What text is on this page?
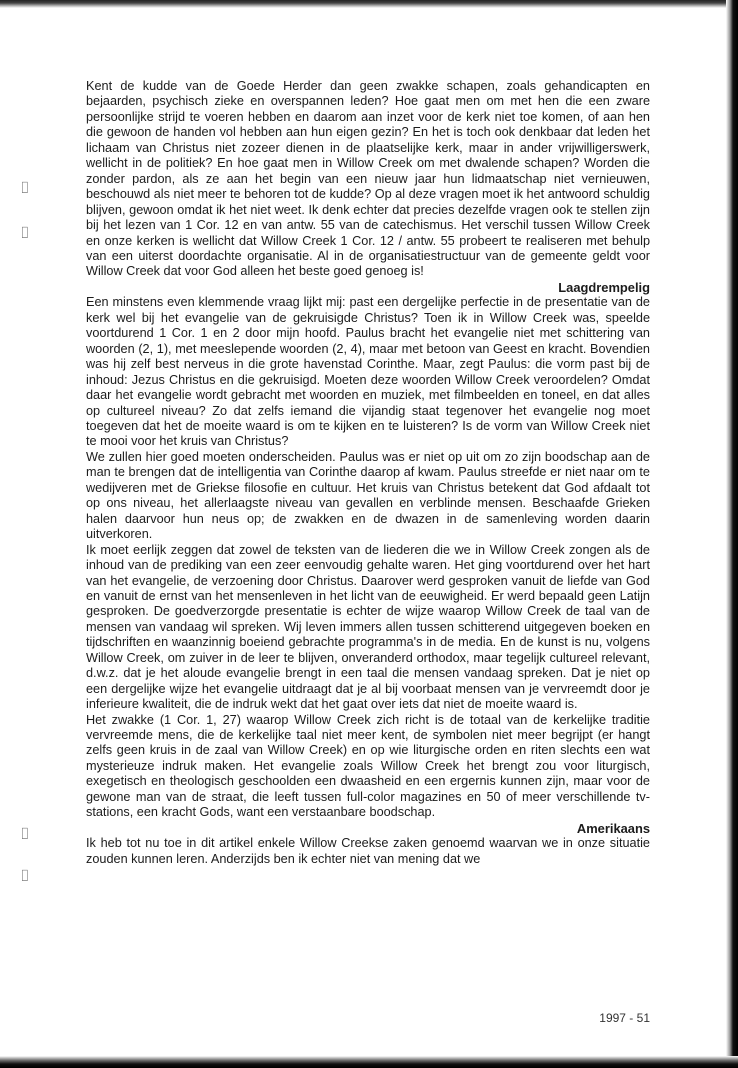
⌷
⌷
⌷
⌷

Kent de kudde van de Goede Herder dan geen zwakke schapen, zoals gehandicapten en bejaarden, psychisch zieke en overspannen leden? Hoe gaat men om met hen die een zware persoonlijke strijd te voeren hebben en daarom aan inzet voor de kerk niet toe komen, of aan hen die gewoon de handen vol hebben aan hun eigen gezin? En het is toch ook denkbaar dat leden het lichaam van Christus niet zozeer dienen in de plaatselijke kerk, maar in ander vrijwilligerswerk, wellicht in de politiek? En hoe gaat men in Willow Creek om met dwalende schapen? Worden die zonder pardon, als ze aan het begin van een nieuw jaar hun lidmaatschap niet vernieuwen, beschouwd als niet meer te behoren tot de kudde? Op al deze vragen moet ik het antwoord schuldig blijven, gewoon omdat ik het niet weet. Ik denk echter dat precies dezelfde vragen ook te stellen zijn bij het lezen van 1 Cor. 12 en van antw. 55 van de catechismus. Het verschil tussen Willow Creek en onze kerken is wellicht dat Willow Creek 1 Cor. 12 / antw. 55 probeert te realiseren met behulp van een uiterst doordachte organisatie. Al in de organisatiestructuur van de gemeente geldt voor Willow Creek dat voor God alleen het beste goed genoeg is!

Laagdrempelig

Een minstens even klemmende vraag lijkt mij: past een dergelijke perfectie in de presentatie van de kerk wel bij het evangelie van de gekruisigde Christus? Toen ik in Willow Creek was, speelde voortdurend 1 Cor. 1 en 2 door mijn hoofd. Paulus bracht het evangelie niet met schittering van woorden (2, 1), met meeslepende woorden (2, 4), maar met betoon van Geest en kracht. Bovendien was hij zelf best nerveus in die grote havenstad Corinthe. Maar, zegt Paulus: die vorm past bij de inhoud: Jezus Christus en die gekruisigd. Moeten deze woorden Willow Creek veroordelen? Omdat daar het evangelie wordt gebracht met woorden en muziek, met filmbeelden en toneel, en dat alles op cultureel niveau? Zo dat zelfs iemand die vijandig staat tegenover het evangelie nog moet toegeven dat het de moeite waard is om te kijken en te luisteren? Is de vorm van Willow Creek niet te mooi voor het kruis van Christus?

We zullen hier goed moeten onderscheiden. Paulus was er niet op uit om zo zijn boodschap aan de man te brengen dat de intelligentia van Corinthe daarop af kwam. Paulus streefde er niet naar om te wedijveren met de Griekse filosofie en cultuur. Het kruis van Christus betekent dat God afdaalt tot op ons niveau, het allerlaagste niveau van gevallen en verblinde mensen. Beschaafde Grieken halen daarvoor hun neus op; de zwakken en de dwazen in de samenleving worden daarin uitverkoren.

Ik moet eerlijk zeggen dat zowel de teksten van de liederen die we in Willow Creek zongen als de inhoud van de prediking van een zeer eenvoudig gehalte waren. Het ging voortdurend over het hart van het evangelie, de verzoening door Christus. Daarover werd gesproken vanuit de liefde van God en vanuit de ernst van het mensenleven in het licht van de eeuwigheid. Er werd bepaald geen Latijn gesproken. De goedverzorgde presentatie is echter de wijze waarop Willow Creek de taal van de mensen van vandaag wil spreken. Wij leven immers allen tussen schitterend uitgegeven boeken en tijdschriften en waanzinnig boeiend gebrachte programma's in de media. En de kunst is nu, volgens Willow Creek, om zuiver in de leer te blijven, onveranderd orthodox, maar tegelijk cultureel relevant, d.w.z. dat je het aloude evangelie brengt in een taal die mensen vandaag spreken. Dat je niet op een dergelijke wijze het evangelie uitdraagt dat je al bij voorbaat mensen van je vervreemdt door je inferieure kwaliteit, die de indruk wekt dat het gaat over iets dat niet de moeite waard is.

Het zwakke (1 Cor. 1, 27) waarop Willow Creek zich richt is de totaal van de kerkelijke traditie vervreemde mens, die de kerkelijke taal niet meer kent, de symbolen niet meer begrijpt (er hangt zelfs geen kruis in de zaal van Willow Creek) en op wie liturgische orden en riten slechts een wat mysterieuze indruk maken. Het evangelie zoals Willow Creek het brengt zou voor liturgisch, exegetisch en theologisch geschoolden een dwaasheid en een ergernis kunnen zijn, maar voor de gewone man van de straat, die leeft tussen full-color magazines en 50 of meer verschillende tv-stations, een kracht Gods, want een verstaanbare boodschap.

Amerikaans

Ik heb tot nu toe in dit artikel enkele Willow Creekse zaken genoemd waarvan we in onze situatie zouden kunnen leren. Anderzijds ben ik echter niet van mening dat we

1997 - 51
